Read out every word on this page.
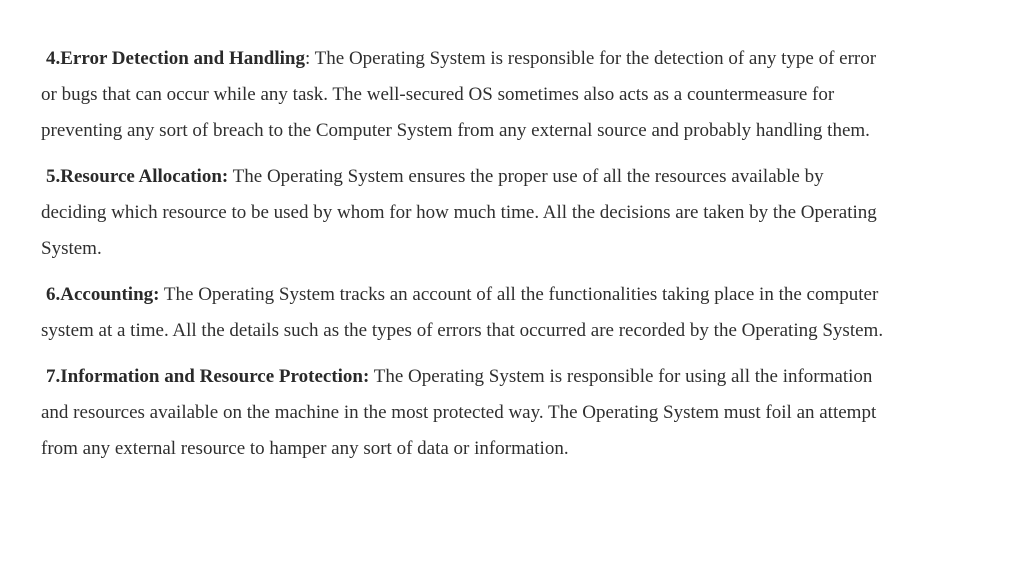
4.Error Detection and Handling: The Operating System is responsible for the detection of any type of error or bugs that can occur while any task. The well-secured OS sometimes also acts as a countermeasure for preventing any sort of breach to the Computer System from any external source and probably handling them.

5.Resource Allocation: The Operating System ensures the proper use of all the resources available by deciding which resource to be used by whom for how much time. All the decisions are taken by the Operating System.

6.Accounting: The Operating System tracks an account of all the functionalities taking place in the computer system at a time. All the details such as the types of errors that occurred are recorded by the Operating System.

7.Information and Resource Protection: The Operating System is responsible for using all the information and resources available on the machine in the most protected way. The Operating System must foil an attempt from any external resource to hamper any sort of data or information.
